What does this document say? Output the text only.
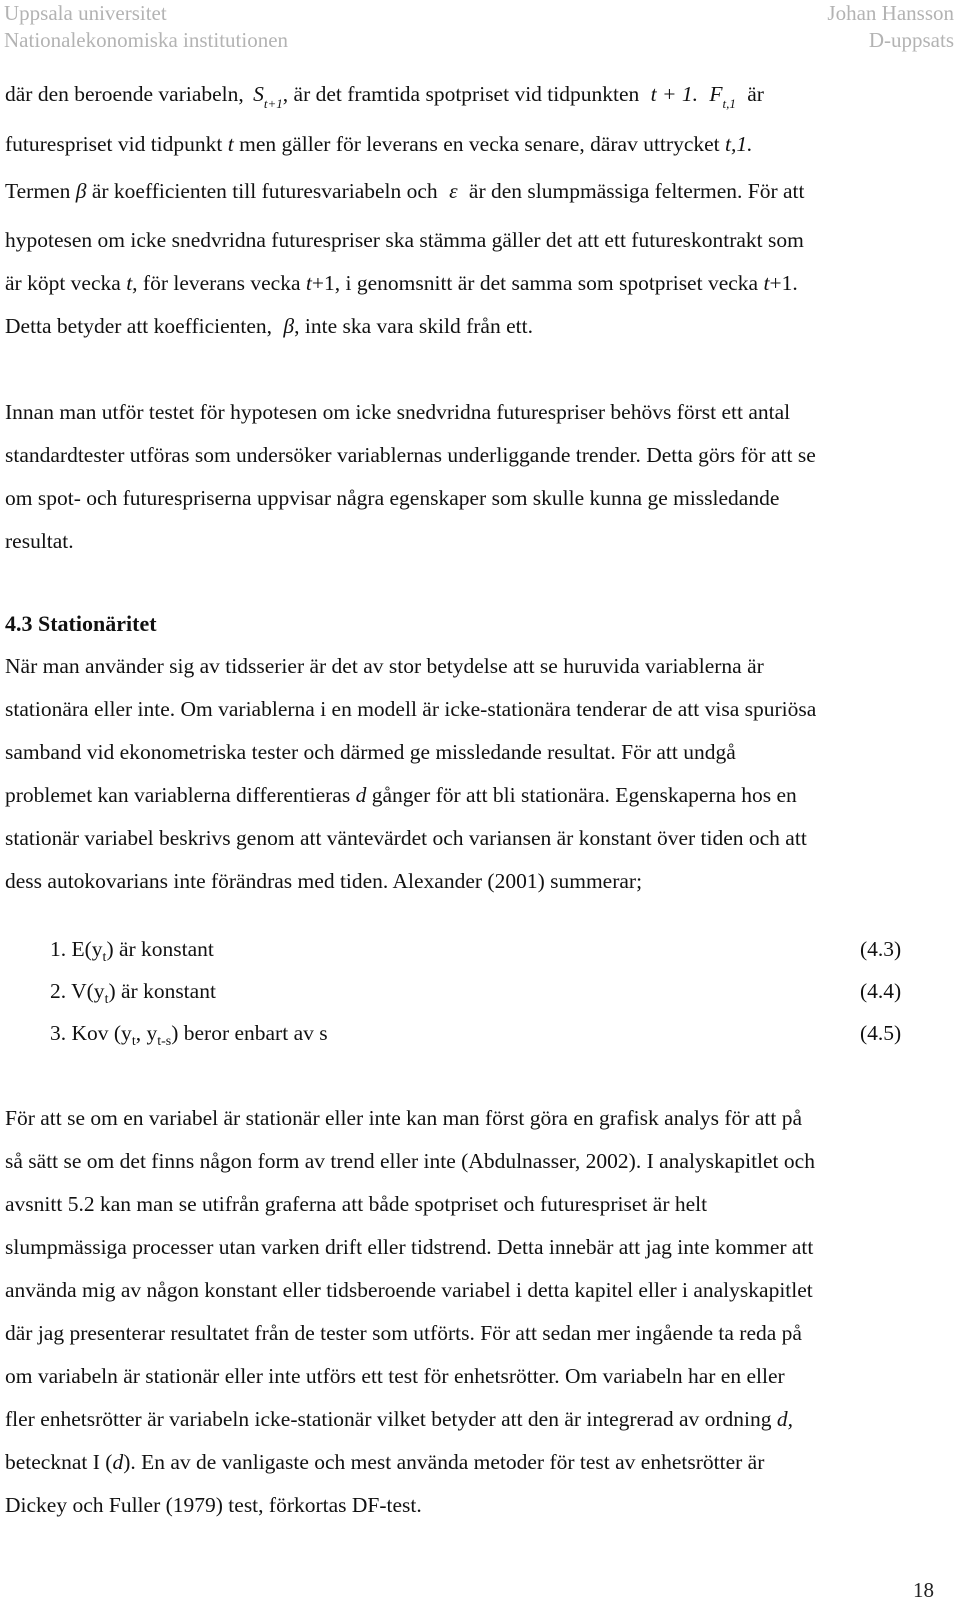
Uppsala universitet
Nationalekonomiska institutionen
Johan Hansson
D-uppsats
där den beroende variabeln, $S_{t+1}$, är det framtida spotpriset vid tidpunkten t + 1. $F_{t,1}$ är
futurespriset vid tidpunkt t men gäller för leverans en vecka senare, därav uttrycket t,1.
Termen β är koefficienten till futuresvariabeln och ε är den slumpmässiga feltermen. För att
hypotesen om icke snedvridna futurespriser ska stämma gäller det att ett futureskontrakt som
är köpt vecka t, för leverans vecka t+1, i genomsnitt är det samma som spotpriset vecka t+1.
Detta betyder att koefficienten, β, inte ska vara skild från ett.
Innan man utför testet för hypotesen om icke snedvridna futurespriser behövs först ett antal
standardtester utföras som undersöker variablernas underliggande trender. Detta görs för att se
om spot- och futurespriserna uppvisar några egenskaper som skulle kunna ge missledande
resultat.
4.3 Stationäritet
När man använder sig av tidsserier är det av stor betydelse att se huruvida variablerna är
stationära eller inte. Om variablerna i en modell är icke-stationära tenderar de att visa spuriösa
samband vid ekonometriska tester och därmed ge missledande resultat. För att undgå
problemet kan variablerna differentieras d gånger för att bli stationära. Egenskaperna hos en
stationär variabel beskrivs genom att väntevärdet och variansen är konstant över tiden och att
dess autokovarians inte förändras med tiden. Alexander (2001) summerar;
1. $E(y_t)$ är konstant	(4.3)
2. $V(y_t)$ är konstant	(4.4)
3. Kov ($y_t$, $y_{t-s}$) beror enbart av s	(4.5)
För att se om en variabel är stationär eller inte kan man först göra en grafisk analys för att på
så sätt se om det finns någon form av trend eller inte (Abdulnasser, 2002). I analyskapitlet och
avsnitt 5.2 kan man se utifrån graferna att både spotpriset och futurespriset är helt
slumpmässiga processer utan varken drift eller tidstrend. Detta innebär att jag inte kommer att
använda mig av någon konstant eller tidsberoende variabel i detta kapitel eller i analyskapitlet
där jag presenterar resultatet från de tester som utförts. För att sedan mer ingående ta reda på
om variabeln är stationär eller inte utförs ett test för enhetsrötter. Om variabeln har en eller
fler enhetsrötter är variabeln icke-stationär vilket betyder att den är integrerad av ordning d,
betecknat I (d). En av de vanligaste och mest använda metoder för test av enhetsrötter är
Dickey och Fuller (1979) test, förkortas DF-test.
18
